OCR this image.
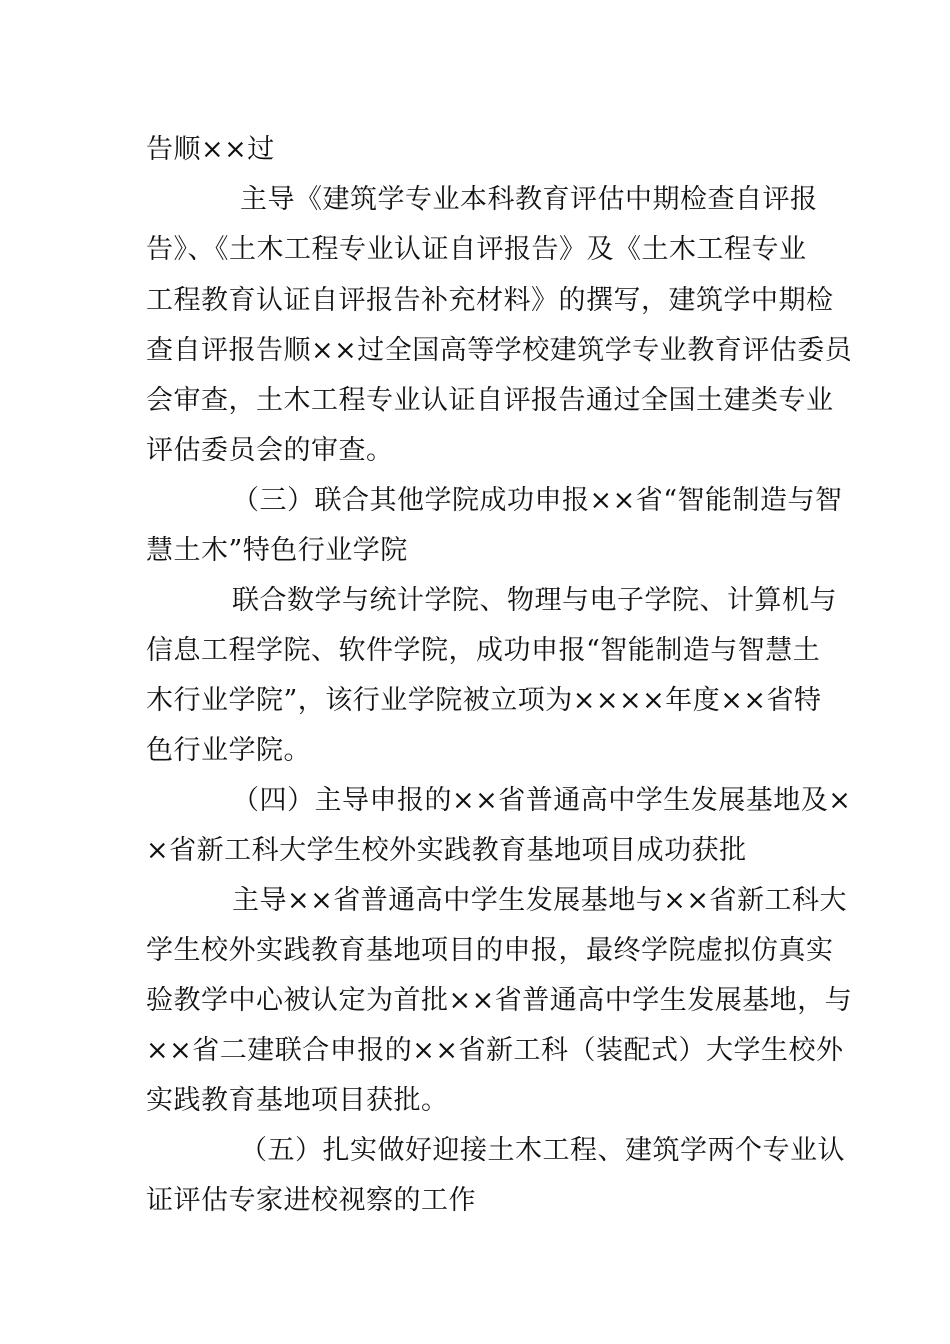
告顺××过
主导《建筑学专业本科教育评估中期检查自评报
告》、《土木工程专业认证自评报告》及《土木工程专业
工程教育认证自评报告补充材料》的撰写，建筑学中期检
查自评报告顺××过全国高等学校建筑学专业教育评估委员
会审查，土木工程专业认证自评报告通过全国土建类专业
评估委员会的审查。
（三）联合其他学院成功申报××省“智能制造与智
慧土木”特色行业学院
联合数学与统计学院、物理与电子学院、计算机与
信息工程学院、软件学院，成功申报“智能制造与智慧土
木行业学院”，该行业学院被立项为××××年度××省特
色行业学院。
（四）主导申报的××省普通高中学生发展基地及×
×省新工科大学生校外实践教育基地项目成功获批
主导××省普通高中学生发展基地与××省新工科大
学生校外实践教育基地项目的申报，最终学院虚拟仿真实
验教学中心被认定为首批××省普通高中学生发展基地，与
××省二建联合申报的××省新工科（装配式）大学生校外
实践教育基地项目获批。
（五）扎实做好迎接土木工程、建筑学两个专业认
证评估专家进校视察的工作
